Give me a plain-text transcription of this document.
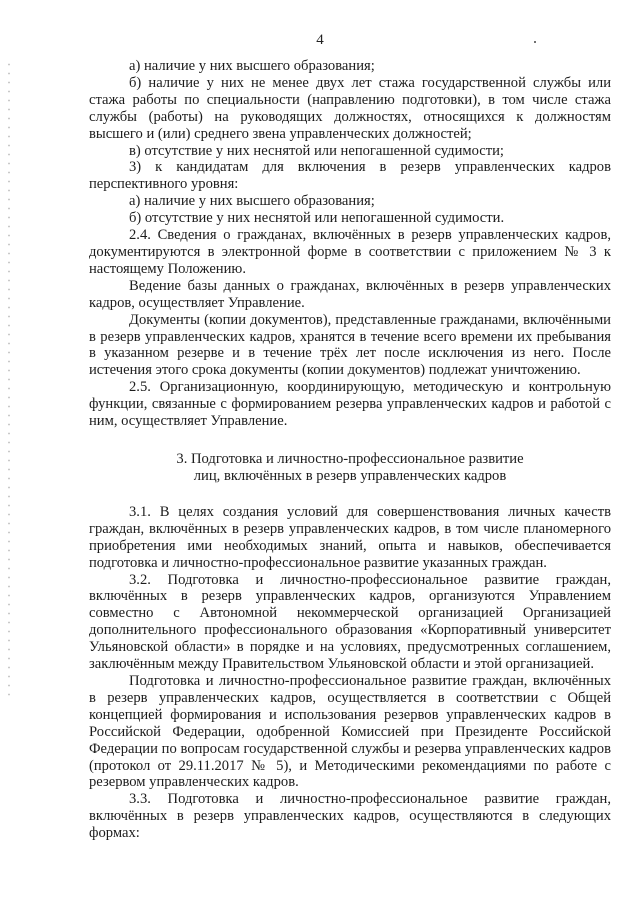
4

а) наличие у них высшего образования;

б) наличие у них не менее двух лет стажа государственной службы или стажа работы по специальности (направлению подготовки), в том числе стажа службы (работы) на руководящих должностях, относящихся к должностям высшего и (или) среднего звена управленческих должностей;

в) отсутствие у них неснятой или непогашенной судимости;

3) к кандидатам для включения в резерв управленческих кадров перспективного уровня:

а) наличие у них высшего образования;

б) отсутствие у них неснятой или непогашенной судимости.

2.4. Сведения о гражданах, включённых в резерв управленческих кадров, документируются в электронной форме в соответствии с приложением № 3 к настоящему Положению.

Ведение базы данных о гражданах, включённых в резерв управленческих кадров, осуществляет Управление.

Документы (копии документов), представленные гражданами, включёнными в резерв управленческих кадров, хранятся в течение всего времени их пребывания в указанном резерве и в течение трёх лет после исключения из него. После истечения этого срока документы (копии документов) подлежат уничтожению.

2.5. Организационную, координирующую, методическую и контрольную функции, связанные с формированием резерва управленческих кадров и работой с ним, осуществляет Управление.

3. Подготовка и личностно-профессиональное развитие
лиц, включённых в резерв управленческих кадров

3.1. В целях создания условий для совершенствования личных качеств граждан, включённых в резерв управленческих кадров, в том числе планомерного приобретения ими необходимых знаний, опыта и навыков, обеспечивается подготовка и личностно-профессиональное развитие указанных граждан.

3.2. Подготовка и личностно-профессиональное развитие граждан, включённых в резерв управленческих кадров, организуются Управлением совместно с Автономной некоммерческой организацией Организацией дополнительного профессионального образования «Корпоративный университет Ульяновской области» в порядке и на условиях, предусмотренных соглашением, заключённым между Правительством Ульяновской области и этой организацией.

Подготовка и личностно-профессиональное развитие граждан, включённых в резерв управленческих кадров, осуществляется в соответствии с Общей концепцией формирования и использования резервов управленческих кадров в Российской Федерации, одобренной Комиссией при Президенте Российской Федерации по вопросам государственной службы и резерва управленческих кадров (протокол от 29.11.2017 № 5), и Методическими рекомендациями по работе с резервом управленческих кадров.

3.3. Подготовка и личностно-профессиональное развитие граждан, включённых в резерв управленческих кадров, осуществляются в следующих формах:
